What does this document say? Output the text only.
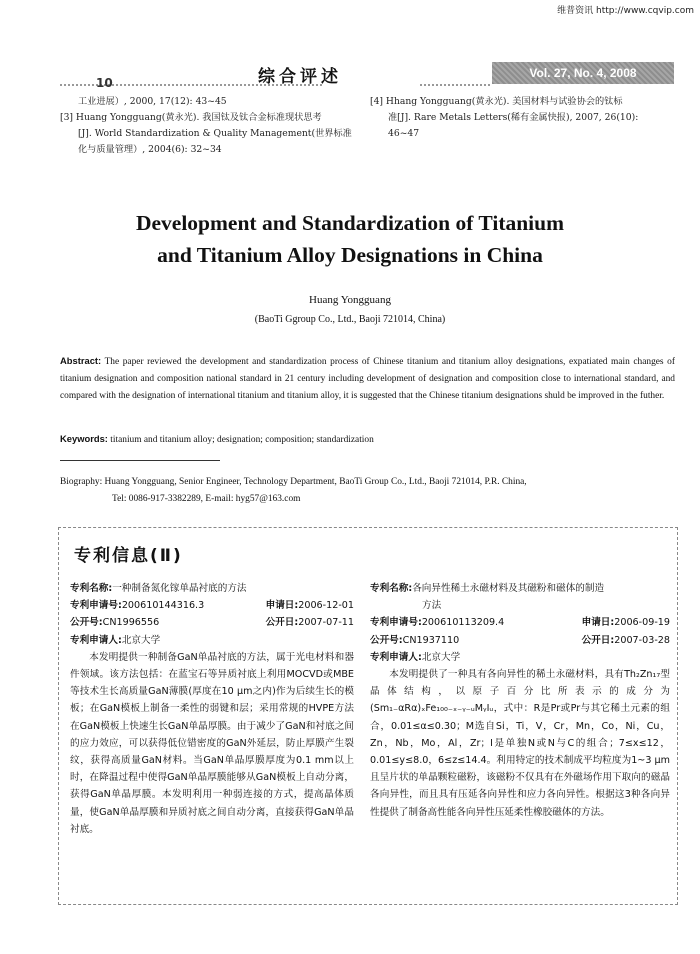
维普资讯 http://www.cqvip.com
10	综合评述	Vol. 27, No. 4, 2008
工业进展）, 2000, 17(12): 43~45
[3] Huang Yongguang(黄永光). 我国钛及钛合金标准现状思考
[J]. World Standardization & Quality Management(世界标准
化与质量管理）, 2004(6): 32~34
[4] Hhang Yongguang(黄永光). 美国材料与试验协会的钛标
准[J]. Rare Metals Letters(稀有金属快报), 2007, 26(10):
46~47
Development and Standardization of Titanium
and Titanium Alloy Designations in China
Huang Yongguang
(BaoTi Ggroup Co., Ltd., Baoji 721014, China)
Abstract: The paper reviewed the development and standardization process of Chinese titanium and titanium alloy designations, expatiated main changes of titanium designation and composition national standard in 21 century including development of designation and composition close to international standard, and compared with the designation of international titanium and titanium alloy, it is suggested that the Chinese titanium designations shuld be improved in the futher.
Keywords: titanium and titanium alloy; designation; composition; standardization
Biography: Huang Yongguang, Senior Engineer, Technology Department, BaoTi Group Co., Ltd., Baoji 721014, P.R. China,
Tel: 0086-917-3382289, E-mail: hyg57@163.com
专利信息(Ⅱ)
专利名称:一种制备氮化镓单晶衬底的方法
专利申请号:200610144316.3	申请日:2006-12-01
公开号:CN1996556	公开日:2007-07-11
专利申请人:北京大学
本发明提供一种制备GaN单晶衬底的方法，属于光电材料和器件领域。该方法包括：在蓝宝石等异质衬底上利用MOCVD或MBE等技术生长高质量GaN薄膜(厚度在10 μm之内)作为后续生长的模板；在GaN模板上制备一柔性的弱键和层；采用常规的HVPE方法在GaN模板上快速生长GaN单晶厚膜。由于减少了GaN和衬底之间的应力效应，可以获得低位错密度的GaN外延层，防止厚膜产生裂纹，获得高质量GaN材料。当GaN单晶厚膜厚度为0.1 mm以上时，在降温过程中使得GaN单晶厚膜能够从GaN模板上自动分离，获得GaN单晶厚膜。本发明利用一种弱连接的方式，提高晶体质量，使GaN单晶厚膜和异质衬底之间自动分离，直接获得GaN单晶衬底。
专利名称:各向异性稀土永磁材料及其磁粉和磁体的制造
方法
专利申请号:200610113209.4	申请日:2006-09-19
公开号:CN1937110	公开日:2007-03-28
专利申请人:北京大学
本发明提供了一种具有各向异性的稀土永磁材料，具有Th₂Zn₁₇型晶体结构，以原子百分比所表示的成分为(Sm₁₋αRα)ₓFe₁₀₀₋ₓ₋ᵧ₋ᵤMᵧIᵤ，式中：R是Pr或Pr与其它稀土元素的组合，0.01≤α≤0.30；M选自Si，Ti，V，Cr，Mn，Co，Ni，Cu，Zn，Nb，Mo，Al，Zr；I是单独N或N与C的组合；7≤x≤12，0.01≤y≤8.0，6≤z≤14.4。利用特定的技术制成平均粒度为1~3 μm且呈片状的单晶颗粒磁粉，该磁粉不仅具有在外磁场作用下取向的磁晶各向异性，而且具有压延各向异性和应力各向异性。根据这3种各向异性提供了制备高性能各向异性压延柔性橡胶磁体的方法。
